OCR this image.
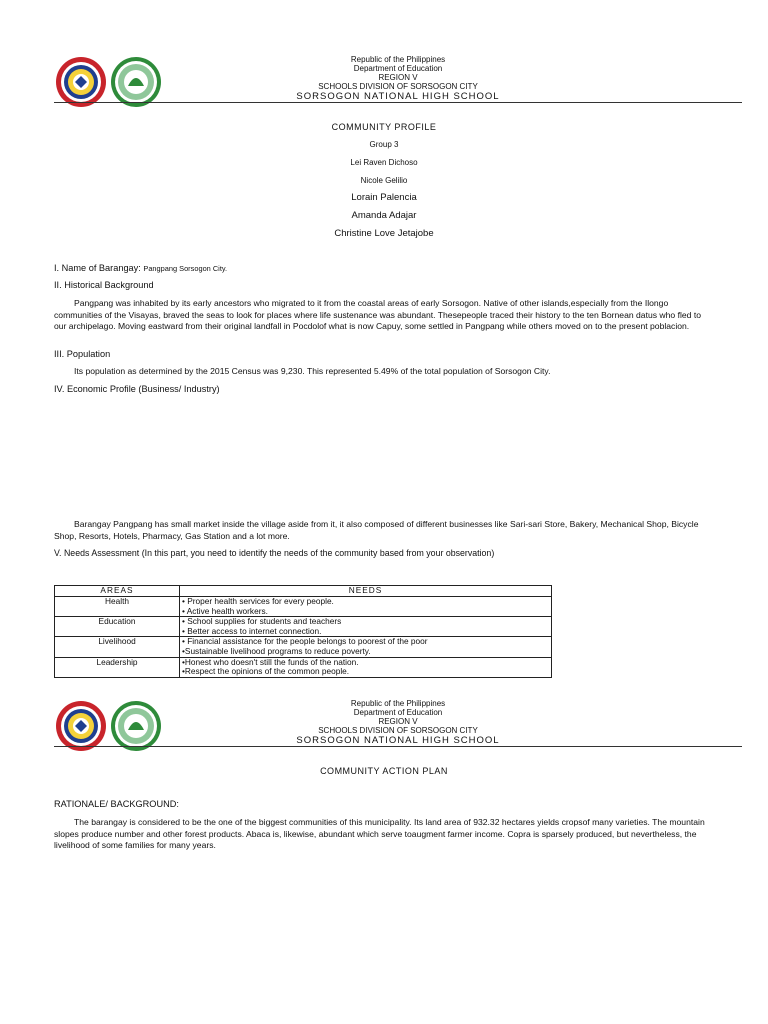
Republic of the Philippines
Department of Education
REGION V
SCHOOLS DIVISION OF SORSOGON CITY
SORSOGON NATIONAL HIGH SCHOOL
COMMUNITY PROFILE
Group 3
Lei Raven Dichoso
Nicole Gelilio
Lorain Palencia
Amanda Adajar
Christine Love Jetajobe
I. Name of Barangay: Pangpang Sorsogon City.
II. Historical Background
Pangpang was inhabited by its early ancestors who migrated to it from the coastal areas of early Sorsogon. Native of other islands,especially from the Ilongo communities of the Visayas, braved the seas to look for places where life sustenance was abundant. Thesepeople traced their history to the ten Bornean datus who fled to our archipelago. Moving eastward from their original landfall in Pocdolof what is now Capuy, some settled in Pangpang while others moved on to the present poblacion.
III. Population
Its population as determined by the 2015 Census was 9,230. This represented 5.49% of the total population of Sorsogon City.
IV. Economic Profile (Business/ Industry)
Barangay Pangpang has small market inside the village aside from it, it also composed of different businesses like Sari-sari Store, Bakery, Mechanical Shop, Bicycle Shop, Resorts, Hotels, Pharmacy, Gas Station and a lot more.
V. Needs Assessment (In this part, you need to identify the needs of the community based from your observation)
AREAS	NEEDS
Health	• Proper health services for every people.
• Active health workers.

Education	• School supplies for students and teachers
• Better access to internet connection.

Livelihood	• Financial assistance for the people belongs to poorest of the poor
•Sustainable livelihood programs to reduce poverty.

Leadership	•Honest who doesn't still the funds of the nation.
•Respect the opinions of the common people.
Republic of the Philippines
Department of Education
REGION V
SCHOOLS DIVISION OF SORSOGON CITY
SORSOGON NATIONAL HIGH SCHOOL
COMMUNITY ACTION PLAN
RATIONALE/ BACKGROUND:
The barangay is considered to be the one of the biggest communities of this municipality. Its land area of 932.32 hectares yields cropsof many varieties. The mountain slopes produce number and other forest products. Abaca is, likewise, abundant which serve toaugment farmer income. Copra is sparsely produced, but nevertheless, the livelihood of some families for many years.
